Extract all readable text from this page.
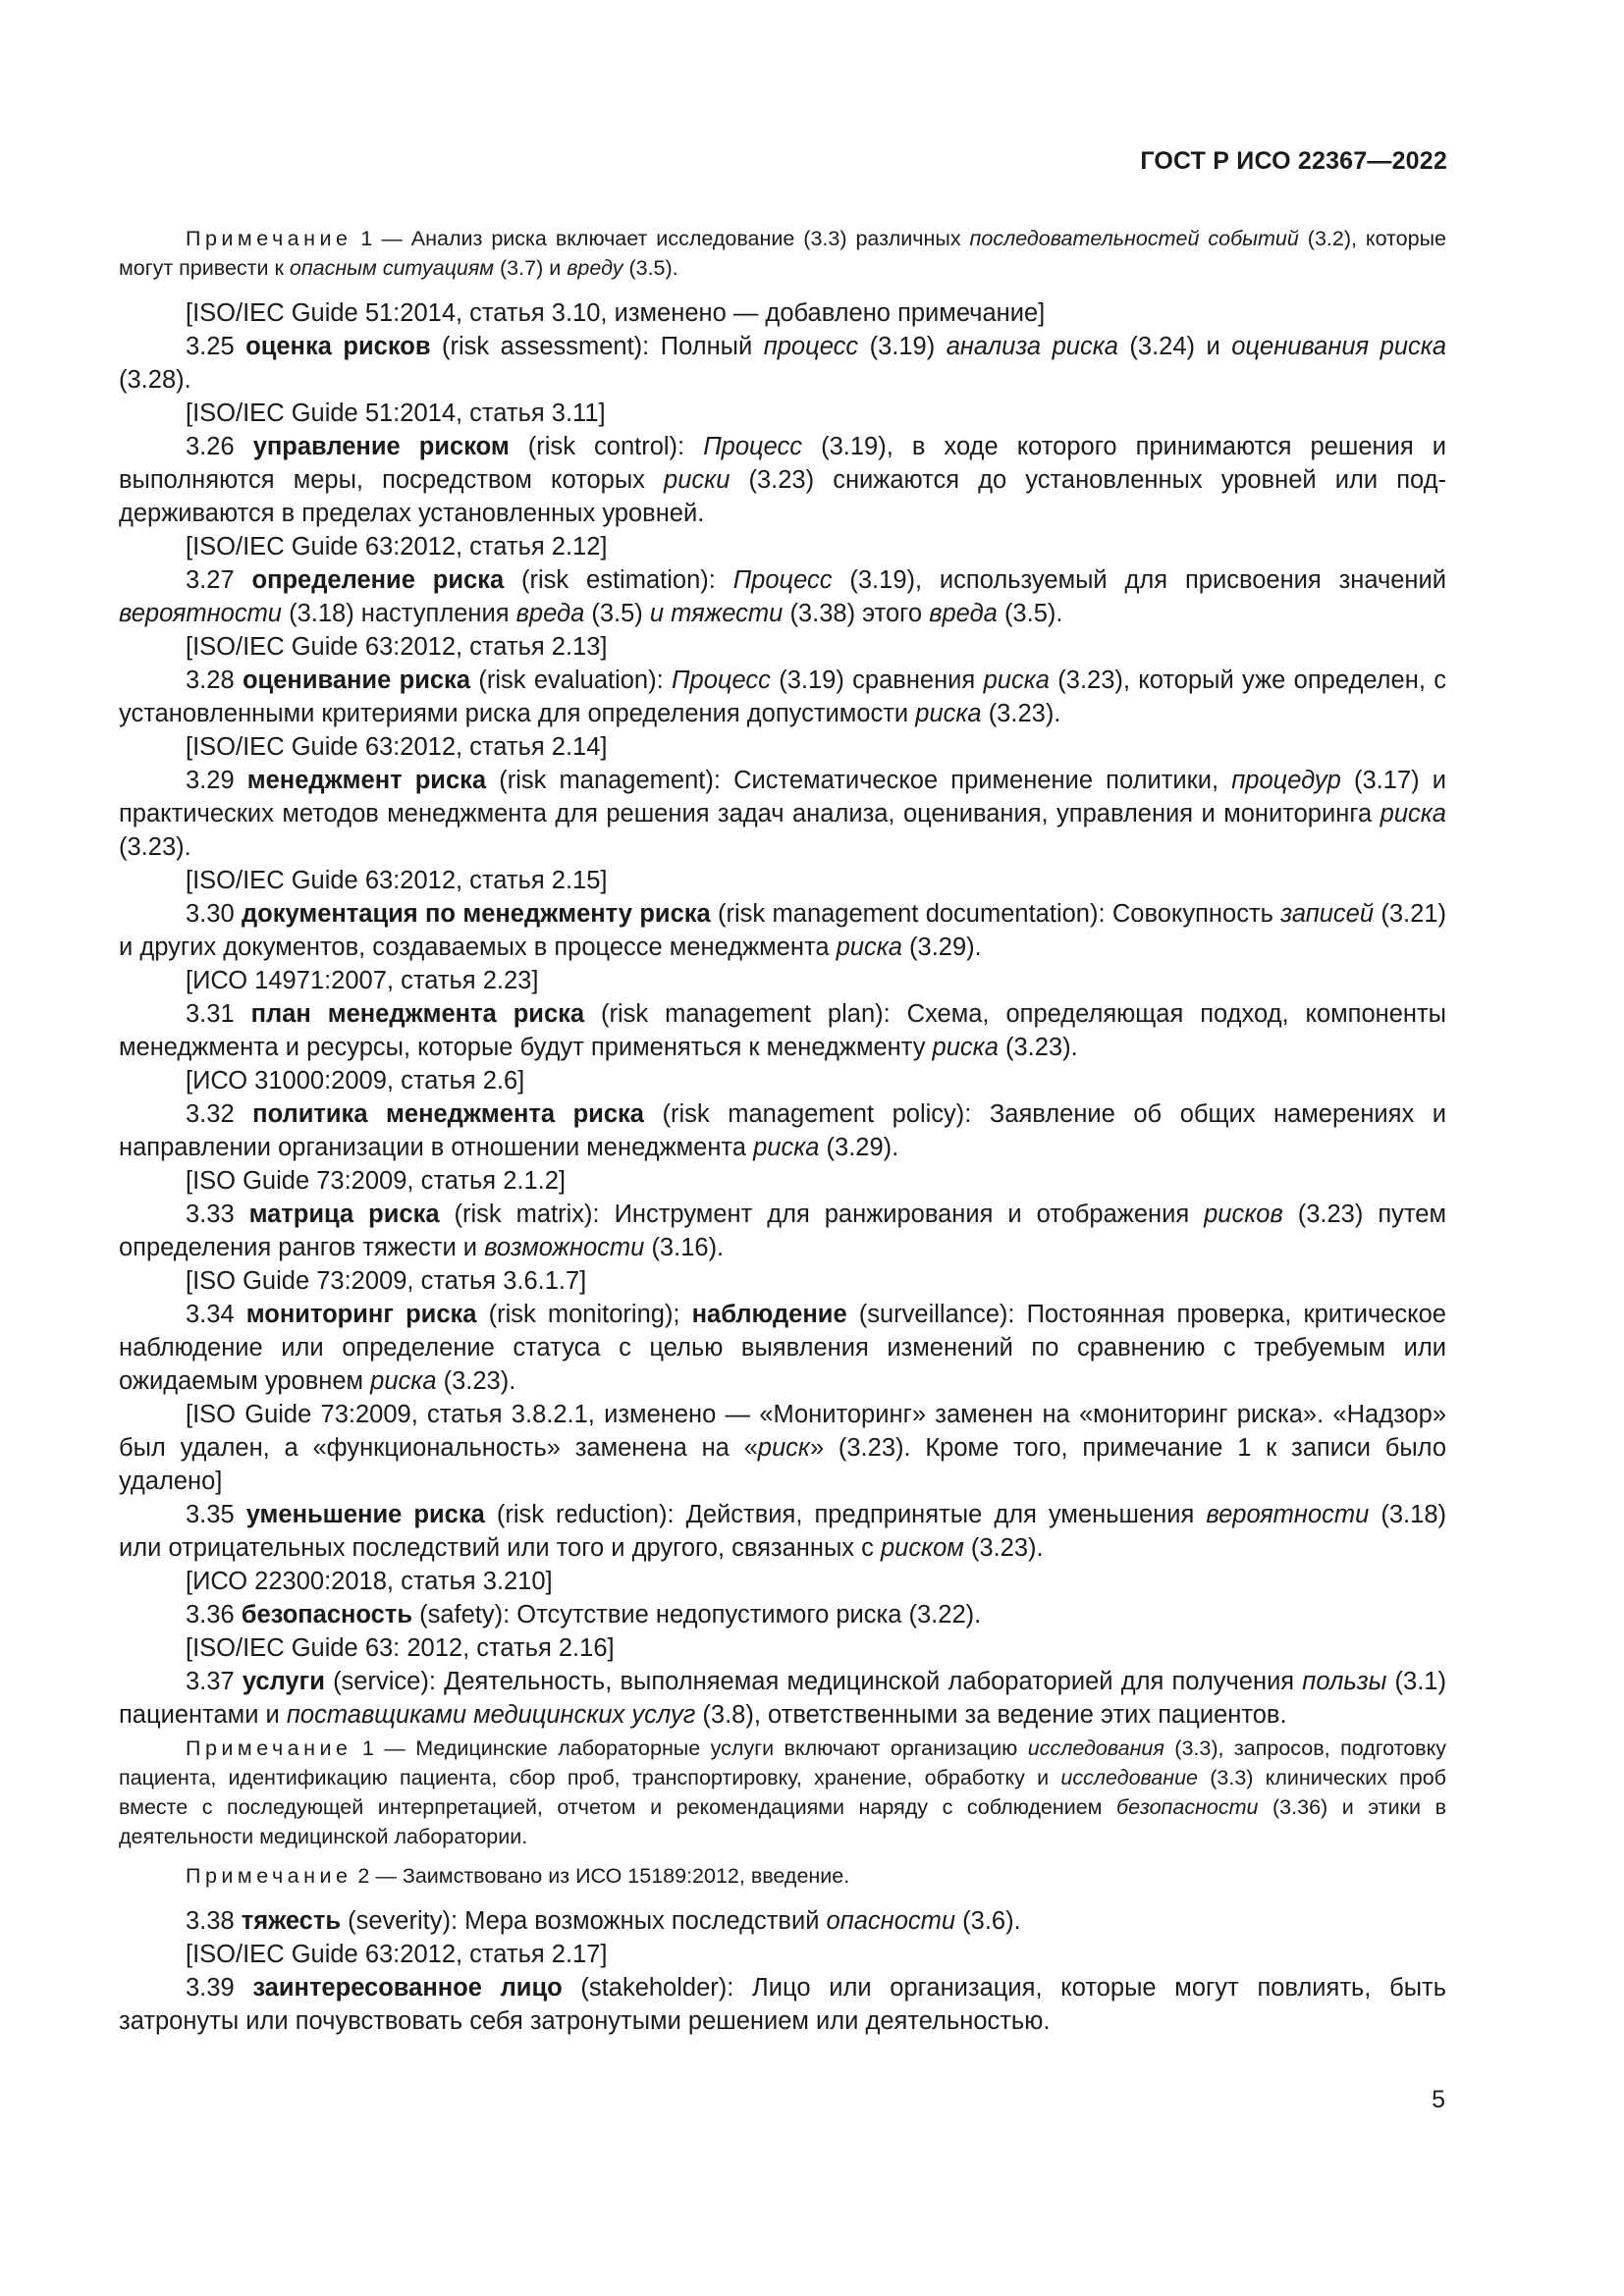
ГОСТ Р ИСО 22367—2022

Примечание 1 — Анализ риска включает исследование (3.3) различных последовательностей событий (3.2), которые могут привести к опасным ситуациям (3.7) и вреду (3.5).

[ISO/IEC Guide 51:2014, статья 3.10, изменено — добавлено примечание]

3.25 оценка рисков (risk assessment): Полный процесс (3.19) анализа риска (3.24) и оценивания риска (3.28).

[ISO/IEC Guide 51:2014, статья 3.11]

3.26 управление риском (risk control): Процесс (3.19), в ходе которого принимаются решения и выполняются меры, посредством которых риски (3.23) снижаются до установленных уровней или поддерживаются в пределах установленных уровней.

[ISO/IEC Guide 63:2012, статья 2.12]

3.27 определение риска (risk estimation): Процесс (3.19), используемый для присвоения значений вероятности (3.18) наступления вреда (3.5) и тяжести (3.38) этого вреда (3.5).

[ISO/IEC Guide 63:2012, статья 2.13]

3.28 оценивание риска (risk evaluation): Процесс (3.19) сравнения риска (3.23), который уже определен, с установленными критериями риска для определения допустимости риска (3.23).

[ISO/IEC Guide 63:2012, статья 2.14]

3.29 менеджмент риска (risk management): Систематическое применение политики, процедур (3.17) и практических методов менеджмента для решения задач анализа, оценивания, управления и мониторинга риска (3.23).

[ISO/IEC Guide 63:2012, статья 2.15]

3.30 документация по менеджменту риска (risk management documentation): Совокупность записей (3.21) и других документов, создаваемых в процессе менеджмента риска (3.29).

[ИСО 14971:2007, статья 2.23]

3.31 план менеджмента риска (risk management plan): Схема, определяющая подход, компоненты менеджмента и ресурсы, которые будут применяться к менеджменту риска (3.23).

[ИСО 31000:2009, статья 2.6]

3.32 политика менеджмента риска (risk management policy): Заявление об общих намерениях и направлении организации в отношении менеджмента риска (3.29).

[ISO Guide 73:2009, статья 2.1.2]

3.33 матрица риска (risk matrix): Инструмент для ранжирования и отображения рисков (3.23) путем определения рангов тяжести и возможности (3.16).

[ISO Guide 73:2009, статья 3.6.1.7]

3.34 мониторинг риска (risk monitoring); наблюдение (surveillance): Постоянная проверка, критическое наблюдение или определение статуса с целью выявления изменений по сравнению с требуемым или ожидаемым уровнем риска (3.23).

[ISO Guide 73:2009, статья 3.8.2.1, изменено — «Мониторинг» заменен на «мониторинг риска». «Надзор» был удален, а «функциональность» заменена на «риск» (3.23). Кроме того, примечание 1 к записи было удалено]

3.35 уменьшение риска (risk reduction): Действия, предпринятые для уменьшения вероятности (3.18) или отрицательных последствий или того и другого, связанных с риском (3.23).

[ИСО 22300:2018, статья 3.210]

3.36 безопасность (safety): Отсутствие недопустимого риска (3.22).

[ISO/IEC Guide 63: 2012, статья 2.16]

3.37 услуги (service): Деятельность, выполняемая медицинской лабораторией для получения пользы (3.1) пациентами и поставщиками медицинских услуг (3.8), ответственными за ведение этих пациентов.

Примечание 1 — Медицинские лабораторные услуги включают организацию исследования (3.3), запросов, подготовку пациента, идентификацию пациента, сбор проб, транспортировку, хранение, обработку и исследование (3.3) клинических проб вместе с последующей интерпретацией, отчетом и рекомендациями наряду с соблюдением безопасности (3.36) и этики в деятельности медицинской лаборатории.

Примечание 2 — Заимствовано из ИСО 15189:2012, введение.

3.38 тяжесть (severity): Мера возможных последствий опасности (3.6).

[ISO/IEC Guide 63:2012, статья 2.17]

3.39 заинтересованное лицо (stakeholder): Лицо или организация, которые могут повлиять, быть затронуты или почувствовать себя затронутыми решением или деятельностью.

5
